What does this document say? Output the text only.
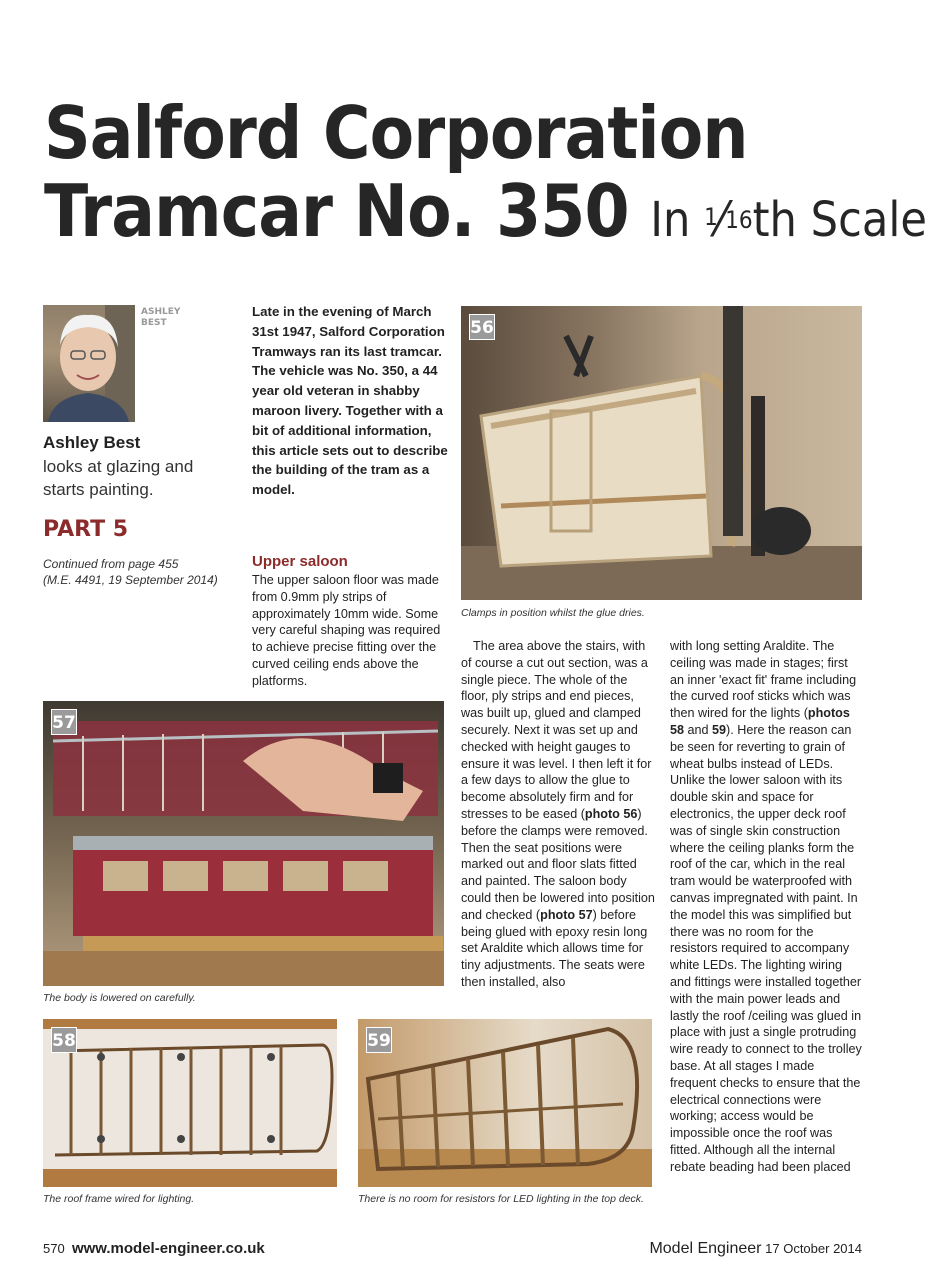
Salford Corporation
Tramcar No. 350 In $^1$⁄16th Scale
ASHLEY
BEST
Ashley Best
looks at glazing and starts painting.
PART 5
Continued from page 455
(M.E. 4491, 19 September 2014)
Late in the evening of March 31st 1947, Salford Corporation Tramways ran its last tramcar. The vehicle was No. 350, a 44 year old veteran in shabby maroon livery. Together with a bit of additional information, this article sets out to describe the building of the tram as a model.
Upper saloon
The upper saloon floor was made from 0.9mm ply strips of approximately 10mm wide. Some very careful shaping was required to achieve precise fitting over the curved ceiling ends above the platforms.
56
Clamps in position whilst the glue dries.
57
The body is lowered on carefully.
The area above the stairs, with of course a cut out section, was a single piece. The whole of the floor, ply strips and end pieces, was built up, glued and clamped securely. Next it was set up and checked with height gauges to ensure it was level. I then left it for a few days to allow the glue to become absolutely firm and for stresses to be eased (photo 56) before the clamps were removed. Then the seat positions were marked out and floor slats fitted and painted. The saloon body could then be lowered into position and checked (photo 57) before being glued with epoxy resin long set Araldite which allows time for tiny adjustments. The seats were then installed, also
with long setting Araldite. The ceiling was made in stages; first an inner 'exact fit' frame including the curved roof sticks which was then wired for the lights (photos 58 and 59). Here the reason can be seen for reverting to grain of wheat bulbs instead of LEDs. Unlike the lower saloon with its double skin and space for electronics, the upper deck roof was of single skin construction where the ceiling planks form the roof of the car, which in the real tram would be waterproofed with canvas impregnated with paint. In the model this was simplified but there was no room for the resistors required to accompany white LEDs. The lighting wiring and fittings were installed together with the main power leads and lastly the roof /ceiling was glued in place with just a single protruding wire ready to connect to the trolley base. At all stages I made frequent checks to ensure that the electrical connections were working; access would be impossible once the roof was fitted. Although all the internal rebate beading had been placed
58
The roof frame wired for lighting.
59
There is no room for resistors for LED lighting in the top deck.
570 www.model-engineer.co.uk	Model Engineer 17 October 2014
